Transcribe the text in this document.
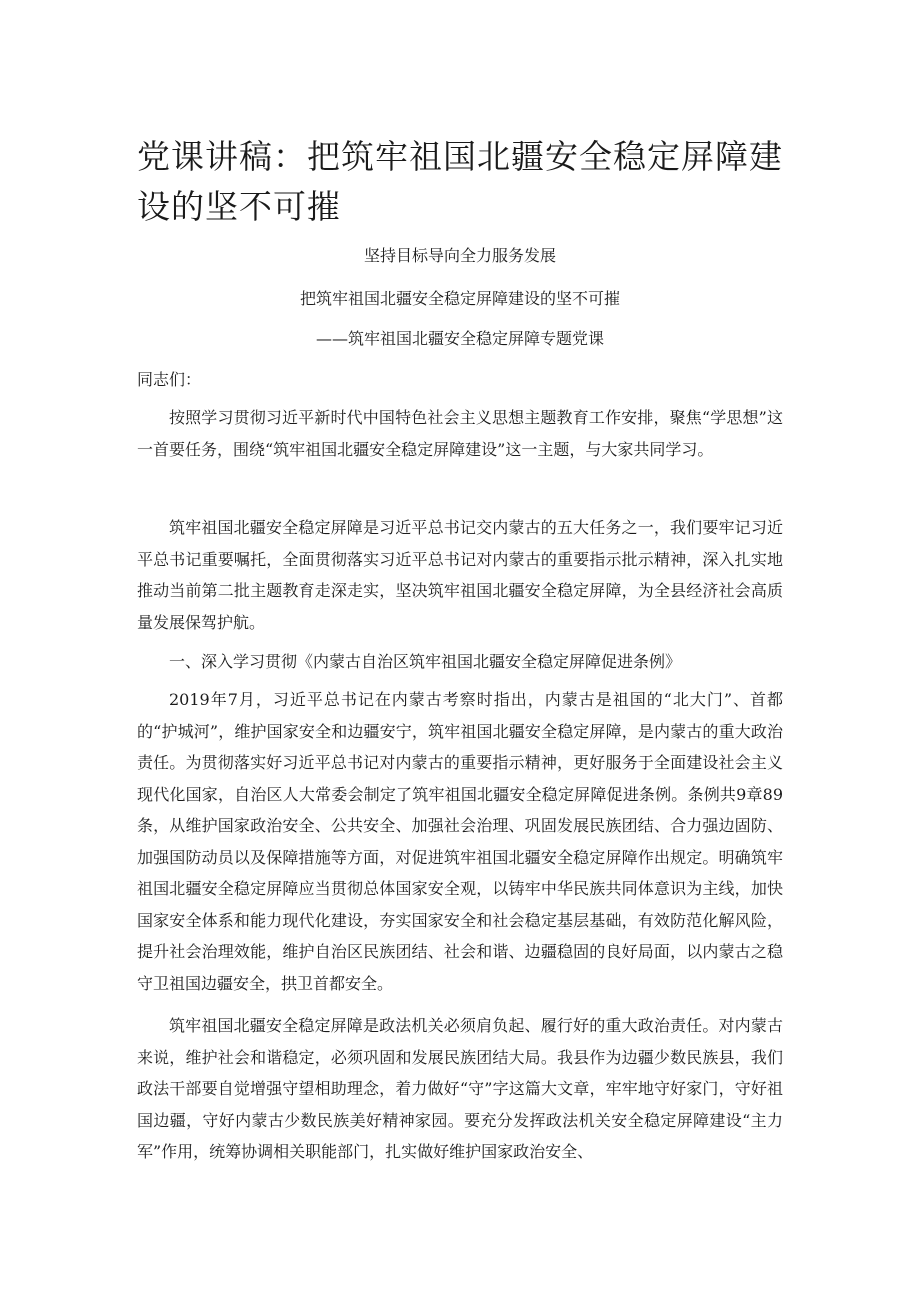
党课讲稿：把筑牢祖国北疆安全稳定屏障建设的坚不可摧

坚持目标导向全力服务发展

把筑牢祖国北疆安全稳定屏障建设的坚不可摧

——筑牢祖国北疆安全稳定屏障专题党课

同志们：

按照学习贯彻习近平新时代中国特色社会主义思想主题教育工作安排，聚焦“学思想”这一首要任务，围绕“筑牢祖国北疆安全稳定屏障建设”这一主题，与大家共同学习。

筑牢祖国北疆安全稳定屏障是习近平总书记交内蒙古的五大任务之一，我们要牢记习近平总书记重要嘱托，全面贯彻落实习近平总书记对内蒙古的重要指示批示精神，深入扎实地推动当前第二批主题教育走深走实，坚决筑牢祖国北疆安全稳定屏障，为全县经济社会高质量发展保驾护航。

一、深入学习贯彻《内蒙古自治区筑牢祖国北疆安全稳定屏障促进条例》

2019年7月，习近平总书记在内蒙古考察时指出，内蒙古是祖国的“北大门”、首都的“护城河”，维护国家安全和边疆安宁，筑牢祖国北疆安全稳定屏障，是内蒙古的重大政治责任。为贯彻落实好习近平总书记对内蒙古的重要指示精神，更好服务于全面建设社会主义现代化国家，自治区人大常委会制定了筑牢祖国北疆安全稳定屏障促进条例。条例共9章89条，从维护国家政治安全、公共安全、加强社会治理、巩固发展民族团结、合力强边固防、加强国防动员以及保障措施等方面，对促进筑牢祖国北疆安全稳定屏障作出规定。明确筑牢祖国北疆安全稳定屏障应当贯彻总体国家安全观，以铸牢中华民族共同体意识为主线，加快国家安全体系和能力现代化建设，夯实国家安全和社会稳定基层基础，有效防范化解风险，提升社会治理效能，维护自治区民族团结、社会和谐、边疆稳固的良好局面，以内蒙古之稳守卫祖国边疆安全，拱卫首都安全。

筑牢祖国北疆安全稳定屏障是政法机关必须肩负起、履行好的重大政治责任。对内蒙古来说，维护社会和谐稳定，必须巩固和发展民族团结大局。我县作为边疆少数民族县，我们政法干部要自觉增强守望相助理念，着力做好“守”字这篇大文章，牢牢地守好家门，守好祖国边疆，守好内蒙古少数民族美好精神家园。要充分发挥政法机关安全稳定屏障建设“主力军”作用，统筹协调相关职能部门，扎实做好维护国家政治安全、
